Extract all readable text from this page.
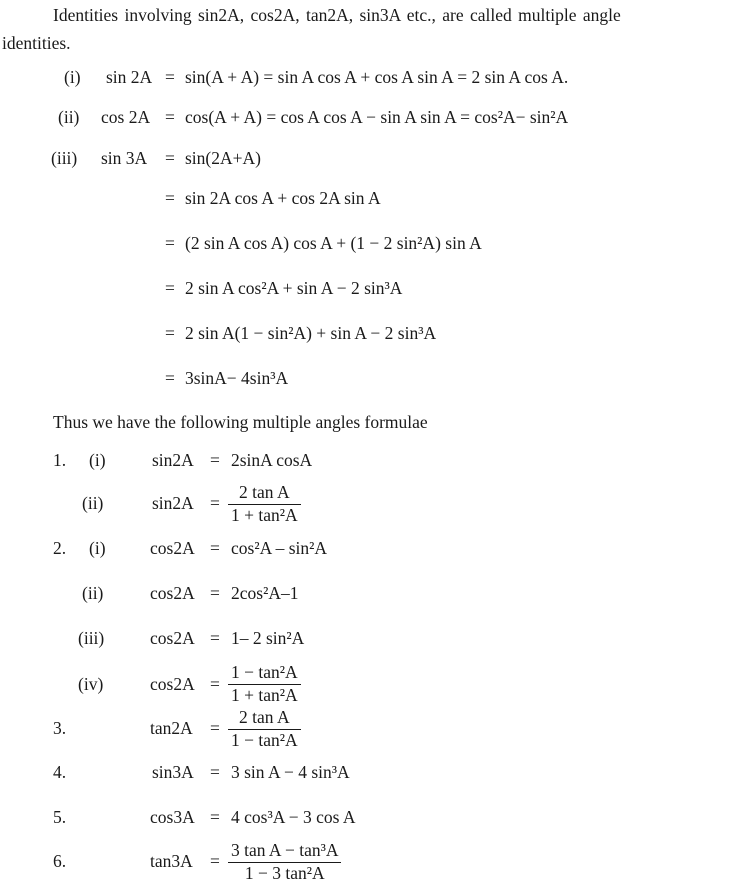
Identities involving sin2A, cos2A, tan2A, sin3A etc., are called multiple angle
identities.
(i) sin 2A = sin(A + A) = sin A cos A + cos A sin A = 2 sin A cos A.
(ii) cos 2A = cos(A + A) = cos A cos A − sin A sin A = cos²A− sin²A
(iii) sin 3A = sin(2A+A)
= sin 2A cos A + cos 2A sin A
= (2 sin A cos A) cos A + (1 − 2 sin²A) sin A
= 2 sin A cos²A + sin A − 2 sin³A
= 2 sin A(1 − sin²A) + sin A − 2 sin³A
= 3sinA− 4sin³A
Thus we have the following multiple angles formulae
1. (i)	sin2A = 2sinA cosA
(ii)	$\sin 2A = \frac{\text{2 tan A}}{\text{1 + tan²A}}$
2. (i)	cos2A = cos²A – sin²A
(ii)	cos2A = 2cos²A–1
(iii)	cos2A = 1– 2 sin²A
(iv)	$\cos 2A = \frac{\text{1 − tan²A}}{\text{1 + tan²A}}$
3.	$\tan 2A = \frac{\text{2 tan A}}{\text{1 − tan²A}}$
4.	sin3A = 3 sin A − 4 sin³A
5.	cos3A = 4 cos³A − 3 cos A
6.	$\tan 3A = \frac{\text{3 tan A − tan³A}}{\text{1 − 3 tan²A}}$
